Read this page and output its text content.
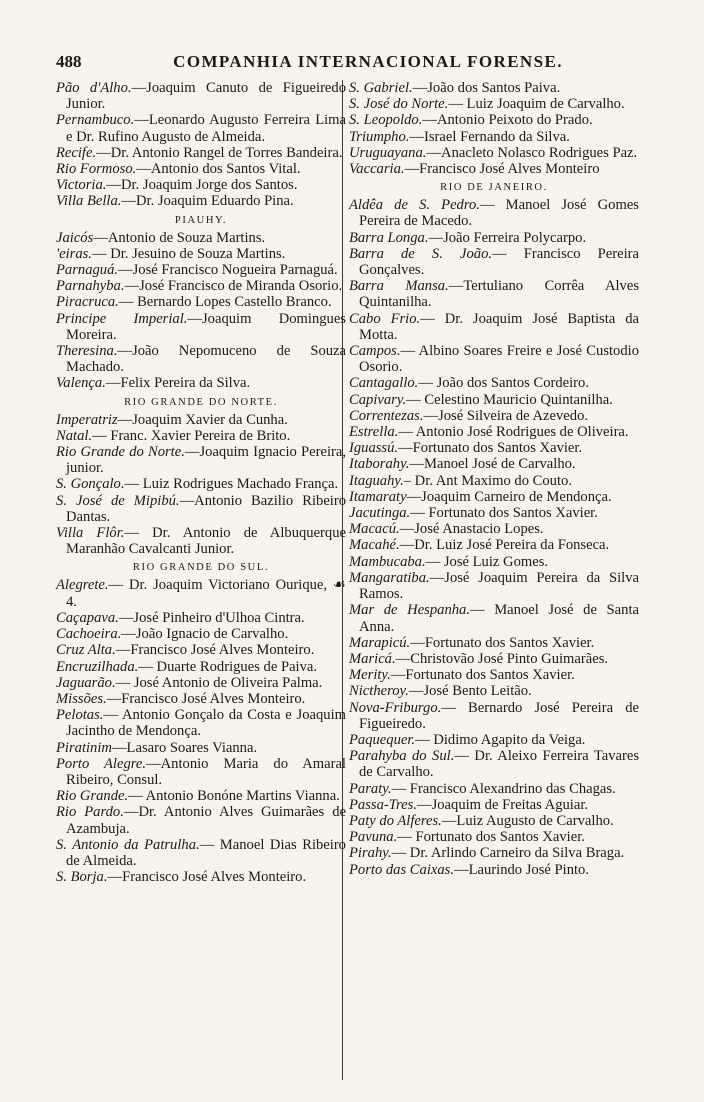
488	COMPANHIA INTERNACIONAL FORENSE.

Pão d'Alho.—Joaquim Canuto de Figueiredo Junior.

Pernambuco.—Leonardo Augusto Ferreira Lima e Dr. Rufino Augusto de Almeida.

Recife.—Dr. Antonio Rangel de Torres Bandeira.

Rio Formoso.—Antonio dos Santos Vital.

Victoria.—Dr. Joaquim Jorge dos Santos.

Villa Bella.—Dr. Joaquim Eduardo Pina.

PIAUHY.

Jaicós—Antonio de Souza Martins.

'eiras.— Dr. Jesuino de Souza Martins.

Parnaguá.—José Francisco Nogueira Parnaguá.

Parnahyba.—José Francisco de Miranda Osorio.

Piracruca.— Bernardo Lopes Castello Branco.

Principe Imperial.—Joaquim Domingues Moreira.

Theresina.—João Nepomuceno de Souza Machado.

Valença.—Felix Pereira da Silva.

RIO GRANDE DO NORTE.

Imperatriz—Joaquim Xavier da Cunha.

Natal.— Franc. Xavier Pereira de Brito.

Rio Grande do Norte.—Joaquim Ignacio Pereira, junior.

S. Gonçalo.— Luiz Rodrigues Machado França.

S. José de Mipibú.—Antonio Bazilio Ribeiro Dantas.

Villa Flôr.— Dr. Antonio de Albuquerque Maranhão Cavalcanti Junior.

RIO GRANDE DO SUL.

Alegrete.— Dr. Joaquim Victoriano Ourique, ☙ 4.

Caçapava.—José Pinheiro d'Ulhoa Cintra.

Cachoeira.—João Ignacio de Carvalho.

Cruz Alta.—Francisco José Alves Monteiro.

Encruzilhada.— Duarte Rodrigues de Paiva.

Jaguarão.— José Antonio de Oliveira Palma.

Missões.—Francisco José Alves Monteiro.

Pelotas.— Antonio Gonçalo da Costa e Joaquim Jacintho de Mendonça.

Piratinim—Lasaro Soares Vianna.

Porto Alegre.—Antonio Maria do Amaral Ribeiro, Consul.

Rio Grande.— Antonio Bonóne Martins Vianna.

Rio Pardo.—Dr. Antonio Alves Guimarães de Azambuja.

S. Antonio da Patrulha.— Manoel Dias Ribeiro de Almeida.

S. Borja.—Francisco José Alves Monteiro.

S. Gabriel.—João dos Santos Paiva.

S. José do Norte.— Luiz Joaquim de Carvalho.

S. Leopoldo.—Antonio Peixoto do Prado.

Triumpho.—Israel Fernando da Silva.

Uruguayana.—Anacleto Nolasco Rodrigues Paz.

Vaccaria.—Francisco José Alves Monteiro

RIO DE JANEIRO.

Aldêa de S. Pedro.— Manoel José Gomes Pereira de Macedo.

Barra Longa.—João Ferreira Polycarpo.

Barra de S. João.— Francisco Pereira Gonçalves.

Barra Mansa.—Tertuliano Corrêa Alves Quintanilha.

Cabo Frio.— Dr. Joaquim José Baptista da Motta.

Campos.— Albino Soares Freire e José Custodio Osorio.

Cantagallo.— João dos Santos Cordeiro.

Capivary.— Celestino Mauricio Quintanilha.

Correntezas.—José Silveira de Azevedo.

Estrella.— Antonio José Rodrigues de Oliveira.

Iguassú.—Fortunato dos Santos Xavier.

Itaborahy.—Manoel José de Carvalho.

Itaguahy.– Dr. Ant Maximo do Couto.

Itamaraty—Joaquim Carneiro de Mendonça.

Jacutinga.— Fortunato dos Santos Xavier.

Macacú.—José Anastacio Lopes.

Macahé.—Dr. Luiz José Pereira da Fonseca.

Mambucaba.— José Luiz Gomes.

Mangaratiba.—José Joaquim Pereira da Silva Ramos.

Mar de Hespanha.— Manoel José de Santa Anna.

Marapicú.—Fortunato dos Santos Xavier.

Maricá.—Christovão José Pinto Guimarães.

Merity.—Fortunato dos Santos Xavier.

Nictheroy.—José Bento Leitão.

Nova-Friburgo.— Bernardo José Pereira de Figueiredo.

Paquequer.— Didimo Agapito da Veiga.

Parahyba do Sul.— Dr. Aleixo Ferreira Tavares de Carvalho.

Paraty.— Francisco Alexandrino das Chagas.

Passa-Tres.—Joaquim de Freitas Aguiar.

Paty do Alferes.—Luiz Augusto de Carvalho.

Pavuna.— Fortunato dos Santos Xavier.

Pirahy.— Dr. Arlindo Carneiro da Silva Braga.

Porto das Caixas.—Laurindo José Pinto.
